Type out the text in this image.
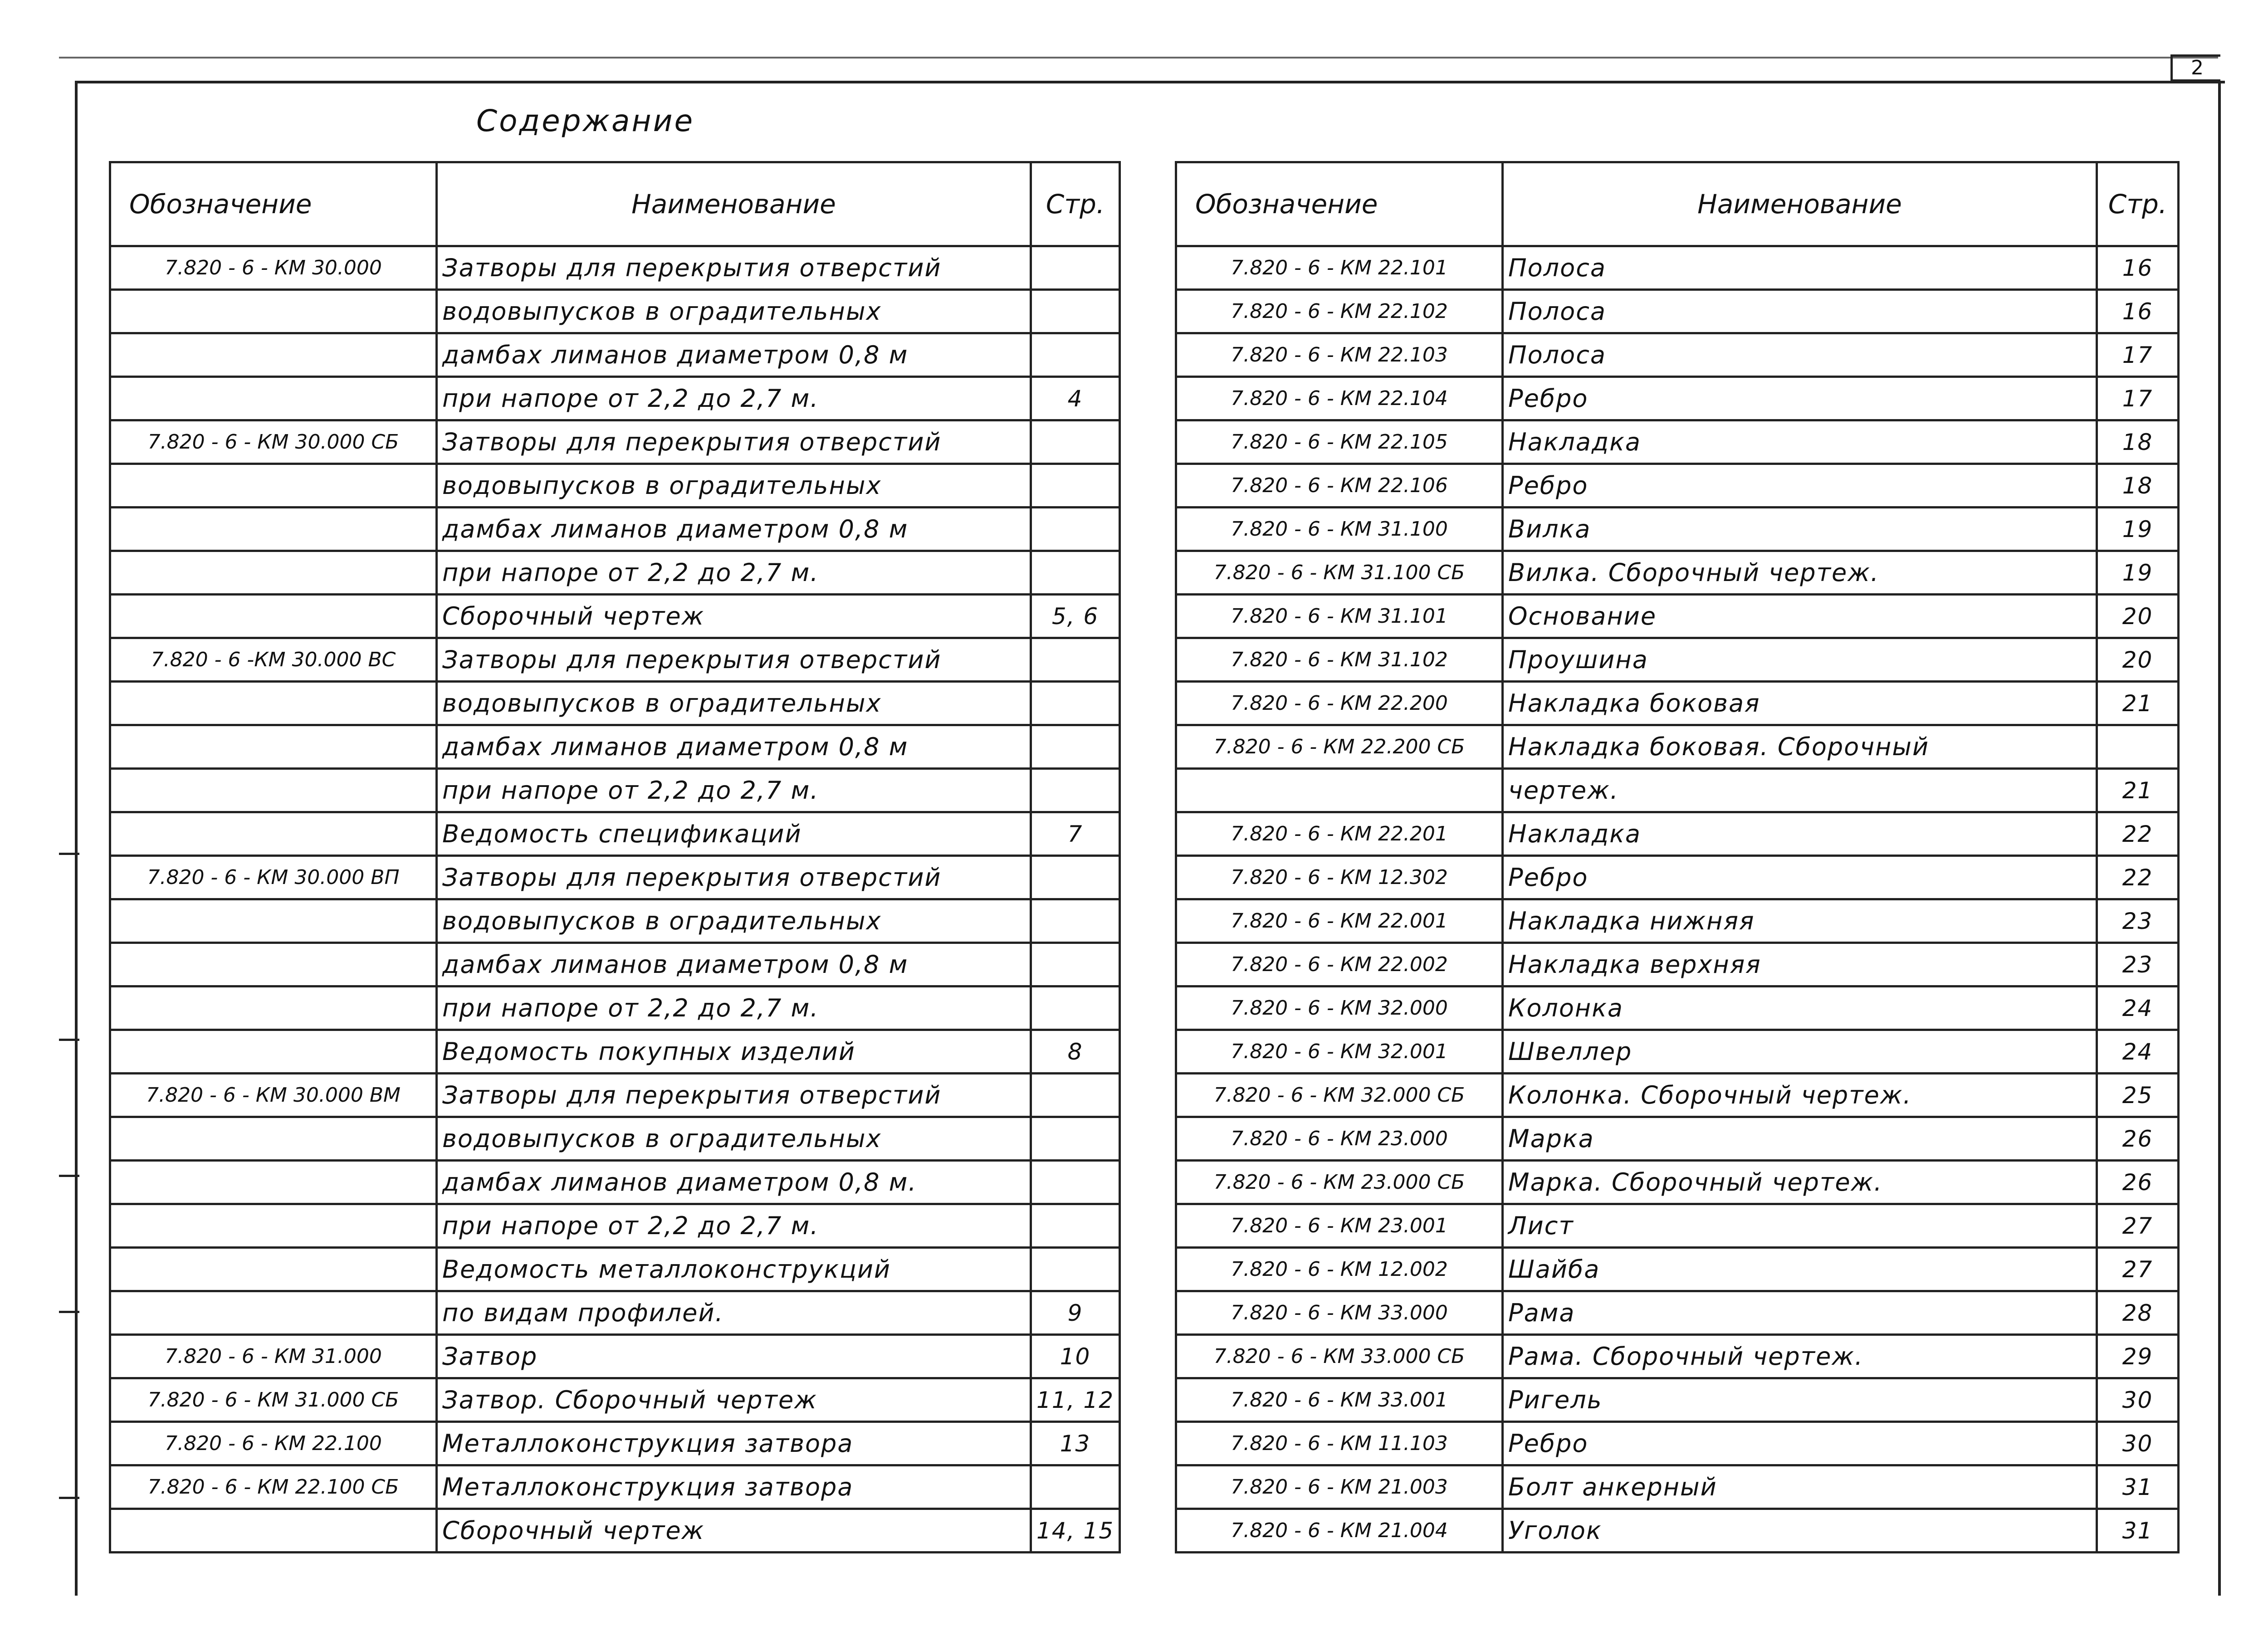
2
Содержание
Обозначение	Наименование	Стр.
7.820 - 6 - КМ 30.000	Затворы для перекрытия отверстий	
	водовыпусков в оградительных	
	дамбах лиманов диаметром 0,8 м	
	при напоре от 2,2 до 2,7 м.	4
7.820 - 6 - КМ 30.000 СБ	Затворы для перекрытия отверстий	
	водовыпусков в оградительных	
	дамбах лиманов диаметром 0,8 м	
	при напоре от 2,2 до 2,7 м.	
	Сборочный чертеж	5, 6
7.820 - 6 -КМ 30.000 ВС	Затворы для перекрытия отверстий	
	водовыпусков в оградительных	
	дамбах лиманов диаметром 0,8 м	
	при напоре от 2,2 до 2,7 м.	
	Ведомость спецификаций	7
7.820 - 6 - КМ 30.000 ВП	Затворы для перекрытия отверстий	
	водовыпусков в оградительных	
	дамбах лиманов диаметром 0,8 м	
	при напоре от 2,2 до 2,7 м.	
	Ведомость покупных изделий	8
7.820 - 6 - КМ 30.000 ВМ	Затворы для перекрытия отверстий	
	водовыпусков в оградительных	
	дамбах лиманов диаметром 0,8 м.	
	при напоре от 2,2 до 2,7 м.	
	Ведомость металлоконструкций	
	по видам профилей.	9
7.820 - 6 - КМ 31.000	Затвор	10
7.820 - 6 - КМ 31.000 СБ	Затвор. Сборочный чертеж	11, 12
7.820 - 6 - КМ 22.100	Металлоконструкция затвора	13
7.820 - 6 - КМ 22.100 СБ	Металлоконструкция затвора	
	Сборочный чертеж	14, 15
Обозначение	Наименование	Стр.
7.820 - 6 - КМ 22.101	Полоса	16
7.820 - 6 - КМ 22.102	Полоса	16
7.820 - 6 - КМ 22.103	Полоса	17
7.820 - 6 - КМ 22.104	Ребро	17
7.820 - 6 - КМ 22.105	Накладка	18
7.820 - 6 - КМ 22.106	Ребро	18
7.820 - 6 - КМ 31.100	Вилка	19
7.820 - 6 - КМ 31.100 СБ	Вилка. Сборочный чертеж.	19
7.820 - 6 - КМ 31.101	Основание	20
7.820 - 6 - КМ 31.102	Проушина	20
7.820 - 6 - КМ 22.200	Накладка боковая	21
7.820 - 6 - КМ 22.200 СБ	Накладка боковая. Сборочный	
	чертеж.	21
7.820 - 6 - КМ 22.201	Накладка	22
7.820 - 6 - КМ 12.302	Ребро	22
7.820 - 6 - КМ 22.001	Накладка нижняя	23
7.820 - 6 - КМ 22.002	Накладка верхняя	23
7.820 - 6 - КМ 32.000	Колонка	24
7.820 - 6 - КМ 32.001	Швеллер	24
7.820 - 6 - КМ 32.000 СБ	Колонка. Сборочный чертеж.	25
7.820 - 6 - КМ 23.000	Марка	26
7.820 - 6 - КМ 23.000 СБ	Марка. Сборочный чертеж.	26
7.820 - 6 - КМ 23.001	Лист	27
7.820 - 6 - КМ 12.002	Шайба	27
7.820 - 6 - КМ 33.000	Рама	28
7.820 - 6 - КМ 33.000 СБ	Рама. Сборочный чертеж.	29
7.820 - 6 - КМ 33.001	Ригель	30
7.820 - 6 - КМ 11.103	Ребро	30
7.820 - 6 - КМ 21.003	Болт анкерный	31
7.820 - 6 - КМ 21.004	Уголок	31
